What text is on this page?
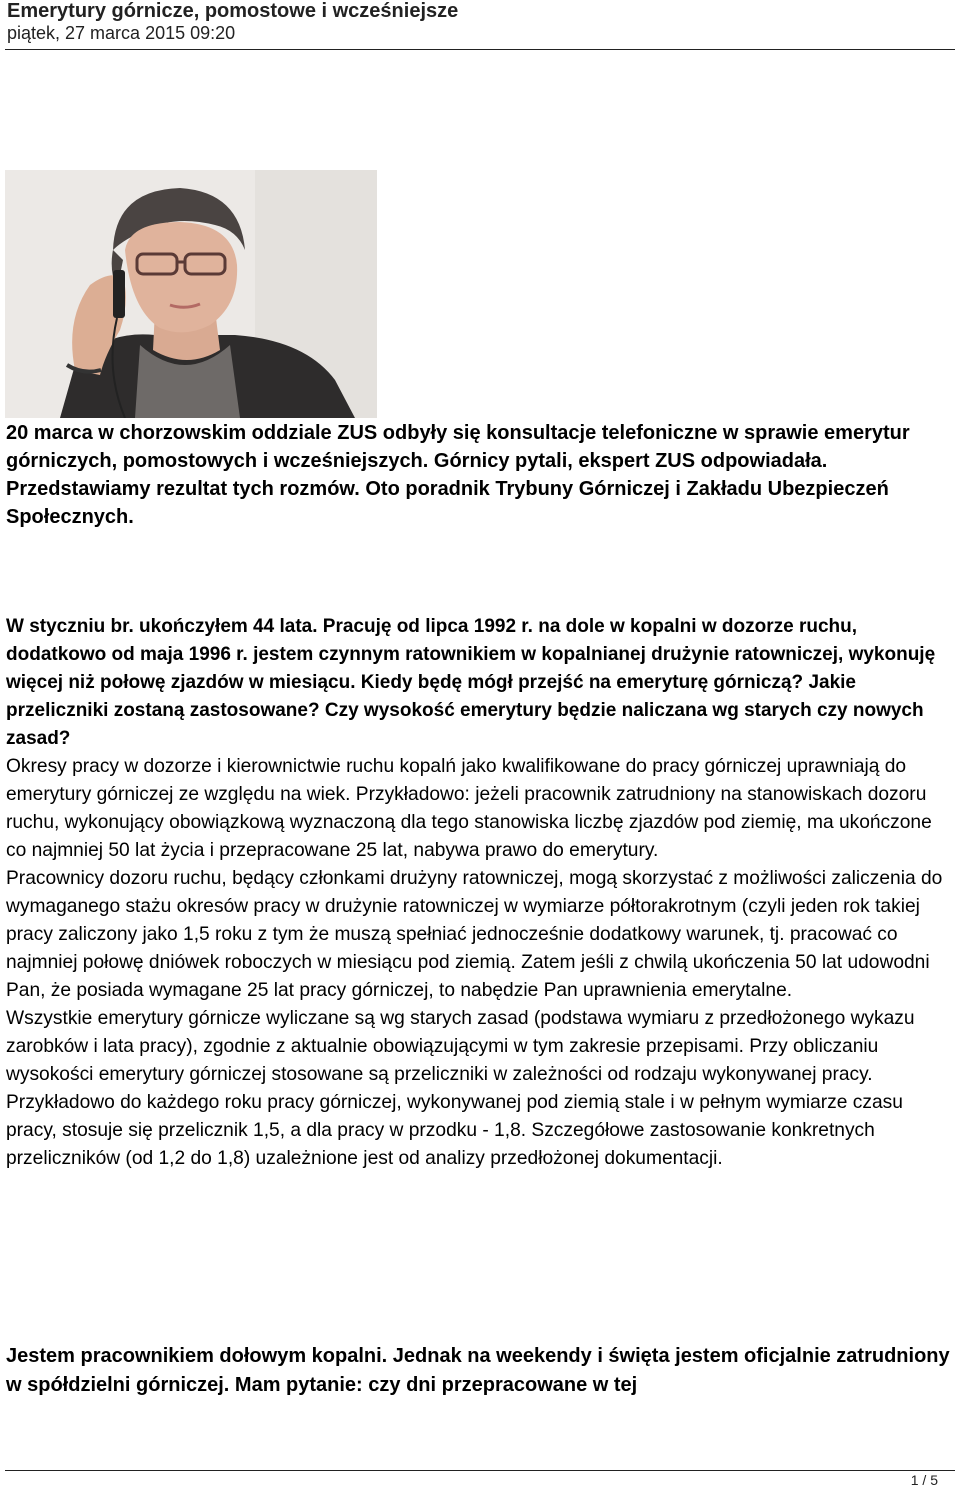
Emerytury górnicze, pomostowe i wcześniejsze
piątek, 27 marca 2015 09:20

20 marca w chorzowskim oddziale ZUS odbyły się konsultacje telefoniczne w sprawie emerytur górniczych, pomostowych i wcześniejszych. Górnicy pytali, ekspert ZUS odpowiadała. Przedstawiamy rezultat tych rozmów. Oto poradnik Trybuny Górniczej i Zakładu Ubezpieczeń Społecznych.

W styczniu br. ukończyłem 44 lata. Pracuję od lipca 1992 r. na dole w kopalni w dozorze ruchu, dodatkowo od maja 1996 r. jestem czynnym ratownikiem w kopalnianej drużynie ratowniczej, wykonuję więcej niż połowę zjazdów w miesiącu. Kiedy będę mógł przejść na emeryturę górniczą? Jakie przeliczniki zostaną zastosowane? Czy wysokość emerytury będzie naliczana wg starych czy nowych zasad?

Okresy pracy w dozorze i kierownictwie ruchu kopalń jako kwalifikowane do pracy górniczej uprawniają do emerytury górniczej ze względu na wiek. Przykładowo: jeżeli pracownik zatrudniony na stanowiskach dozoru ruchu, wykonujący obowiązkową wyznaczoną dla tego stanowiska liczbę zjazdów pod ziemię, ma ukończone co najmniej 50 lat życia i przepracowane 25 lat, nabywa prawo do emerytury.

Pracownicy dozoru ruchu, będący członkami drużyny ratowniczej, mogą skorzystać z możliwości zaliczenia do wymaganego stażu okresów pracy w drużynie ratowniczej w wymiarze półtorakrotnym (czyli jeden rok takiej pracy zaliczony jako 1,5 roku z tym że muszą spełniać jednocześnie dodatkowy warunek, tj. pracować co najmniej połowę dniówek roboczych w miesiącu pod ziemią. Zatem jeśli z chwilą ukończenia 50 lat udowodni Pan, że posiada wymagane 25 lat pracy górniczej, to nabędzie Pan uprawnienia emerytalne.

Wszystkie emerytury górnicze wyliczane są wg starych zasad (podstawa wymiaru z przedłożonego wykazu zarobków i lata pracy), zgodnie z aktualnie obowiązującymi w tym zakresie przepisami. Przy obliczaniu wysokości emerytury górniczej stosowane są przeliczniki w zależności od rodzaju wykonywanej pracy. Przykładowo do każdego roku pracy górniczej, wykonywanej pod ziemią stale i w pełnym wymiarze czasu pracy, stosuje się przelicznik 1,5, a dla pracy w przodku - 1,8. Szczegółowe zastosowanie konkretnych przeliczników (od 1,2 do 1,8) uzależnione jest od analizy przedłożonej dokumentacji.

Jestem pracownikiem dołowym kopalni. Jednak na weekendy i święta jestem oficjalnie zatrudniony w spółdzielni górniczej. Mam pytanie: czy dni przepracowane w tej

1 / 5
